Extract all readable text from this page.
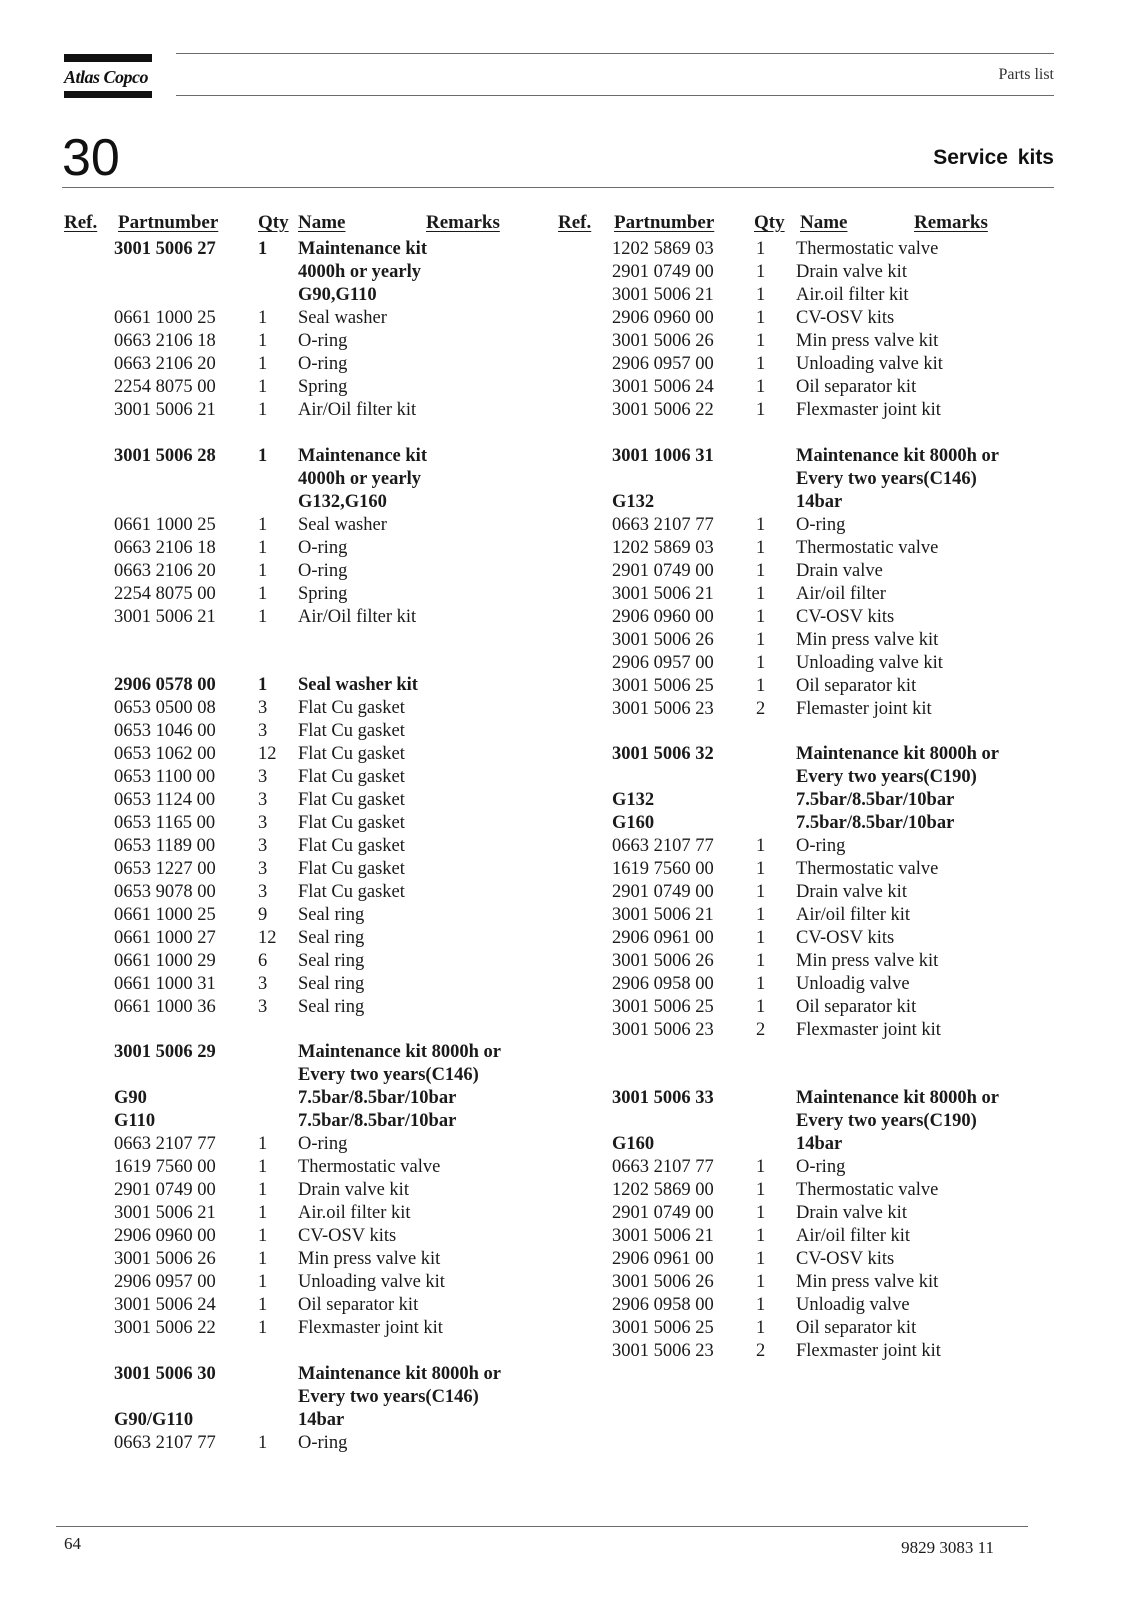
Atlas Copco	Parts list
30	Service kits
Ref. Partnumber Qty Name	Remarks	Ref. Partnumber Qty Name	Remarks
3001 5006 27 1 Maintenance kit
4000h or yearly
G90,G110
0661 1000 25 1 Seal washer
0663 2106 18 1 O-ring
0663 2106 20 1 O-ring
2254 8075 00 1 Spring
3001 5006 21 1 Air/Oil filter kit
3001 5006 28 1 Maintenance kit
4000h or yearly
G132,G160
0661 1000 25 1 Seal washer
0663 2106 18 1 O-ring
0663 2106 20 1 O-ring
2254 8075 00 1 Spring
3001 5006 21 1 Air/Oil filter kit
2906 0578 00 1 Seal washer kit
0653 0500 08 3 Flat Cu gasket
0653 1046 00 3 Flat Cu gasket
0653 1062 00 12 Flat Cu gasket
0653 1100 00 3 Flat Cu gasket
0653 1124 00 3 Flat Cu gasket
0653 1165 00 3 Flat Cu gasket
0653 1189 00 3 Flat Cu gasket
0653 1227 00 3 Flat Cu gasket
0653 9078 00 3 Flat Cu gasket
0661 1000 25 9 Seal ring
0661 1000 27 12 Seal ring
0661 1000 29 6 Seal ring
0661 1000 31 3 Seal ring
0661 1000 36 3 Seal ring
3001 5006 29	Maintenance kit 8000h or
Every two years(C146)
G90	7.5bar/8.5bar/10bar
G110	7.5bar/8.5bar/10bar
0663 2107 77 1 O-ring
1619 7560 00 1 Thermostatic valve
2901 0749 00 1 Drain valve kit
3001 5006 21 1 Air.oil filter kit
2906 0960 00 1 CV-OSV kits
3001 5006 26 1 Min press valve kit
2906 0957 00 1 Unloading valve kit
3001 5006 24 1 Oil separator kit
3001 5006 22 1 Flexmaster joint kit
3001 5006 30	Maintenance kit 8000h or
Every two years(C146)
G90/G110	14bar
0663 2107 77 1 O-ring
1202 5869 03 1 Thermostatic valve
2901 0749 00 1 Drain valve kit
3001 5006 21 1 Air.oil filter kit
2906 0960 00 1 CV-OSV kits
3001 5006 26 1 Min press valve kit
2906 0957 00 1 Unloading valve kit
3001 5006 24 1 Oil separator kit
3001 5006 22 1 Flexmaster joint kit
3001 1006 31	Maintenance kit 8000h or
Every two years(C146)
G132	14bar
0663 2107 77 1 O-ring
1202 5869 03 1 Thermostatic valve
2901 0749 00 1 Drain valve
3001 5006 21 1 Air/oil filter
2906 0960 00 1 CV-OSV kits
3001 5006 26 1 Min press valve kit
2906 0957 00 1 Unloading valve kit
3001 5006 25 1 Oil separator kit
3001 5006 23 2 Flemaster joint kit
3001 5006 32	Maintenance kit 8000h or
Every two years(C190)
G132	7.5bar/8.5bar/10bar
G160	7.5bar/8.5bar/10bar
0663 2107 77 1 O-ring
1619 7560 00 1 Thermostatic valve
2901 0749 00 1 Drain valve kit
3001 5006 21 1 Air/oil filter kit
2906 0961 00 1 CV-OSV kits
3001 5006 26 1 Min press valve kit
2906 0958 00 1 Unloadig valve
3001 5006 25 1 Oil separator kit
3001 5006 23 2 Flexmaster joint kit
3001 5006 33	Maintenance kit 8000h or
Every two years(C190)
G160	14bar
0663 2107 77 1 O-ring
1202 5869 00 1 Thermostatic valve
2901 0749 00 1 Drain valve kit
3001 5006 21 1 Air/oil filter kit
2906 0961 00 1 CV-OSV kits
3001 5006 26 1 Min press valve kit
2906 0958 00 1 Unloadig valve
3001 5006 25 1 Oil separator kit
3001 5006 23 2 Flexmaster joint kit
64	9829 3083 11
